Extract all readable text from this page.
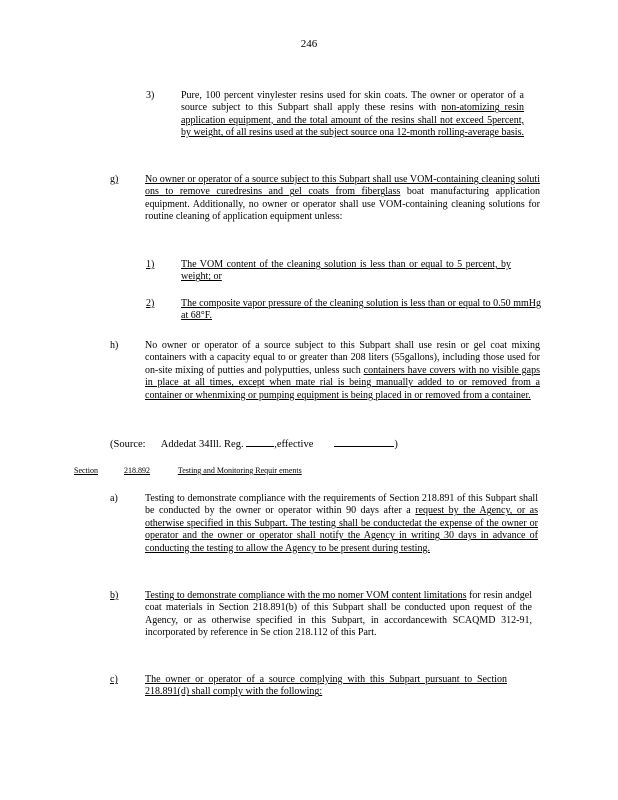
246
3)	Pure, 100 percent vinylester resins used for skin coats. The owner or operator of a source subject to this Subpart shall apply these resins with non-atomizing resin application equipment, and the total amount of the resins shall not exceed 5percent, by weight, of all resins used at the subject source ona 12-month rolling-average basis.
g)	No owner or operator of a source subject to this Subpart shall use VOM-containing cleaning soluti ons to remove curedresins and gel coats from fiberglass boat manufacturing application equipment. Additionally, no owner or operator shall use VOM-containing cleaning solutions for routine cleaning of application equipment unless:
1)	The VOM content of the cleaning solution is less than or equal to 5 percent, by weight; or
2)	The composite vapor pressure of the cleaning solution is less than or equal to 0.50 mmHg at 68°F.
h)	No owner or operator of a source subject to this Subpart shall use resin or gel coat mixing containers with a capacity equal to or greater than 208 liters (55gallons), including those used for on-site mixing of putties and polyputties, unless such containers have covers with no visible gaps in place at all times, except when mate rial is being manually added to or removed from a container or whenmixing or pumping equipment is being placed in or removed from a container.
(Source: Addedat 34Ill. Reg.	,effective	)
Section	218.892	Testing and Monitoring Requir ements
a)	Testing to demonstrate compliance with the requirements of Section 218.891 of this Subpart shall be conducted by the owner or operator within 90 days after a request by the Agency, or as otherwise specified in this Subpart. The testing shall be conductedat the expense of the owner or operator and the owner or operator shall notify the Agency in writing 30 days in advance of conducting the testing to allow the Agency to be present during testing.
b)	Testing to demonstrate compliance with the mo nomer VOM content limitations for resin andgel coat materials in Section 218.891(b) of this Subpart shall be conducted upon request of the Agency, or as otherwise specified in this Subpart, in accordancewith SCAQMD 312-91, incorporated by reference in Se ction 218.112 of this Part.
c)	The owner or operator of a source complying with this Subpart pursuant to Section 218.891(d) shall comply with the following:
